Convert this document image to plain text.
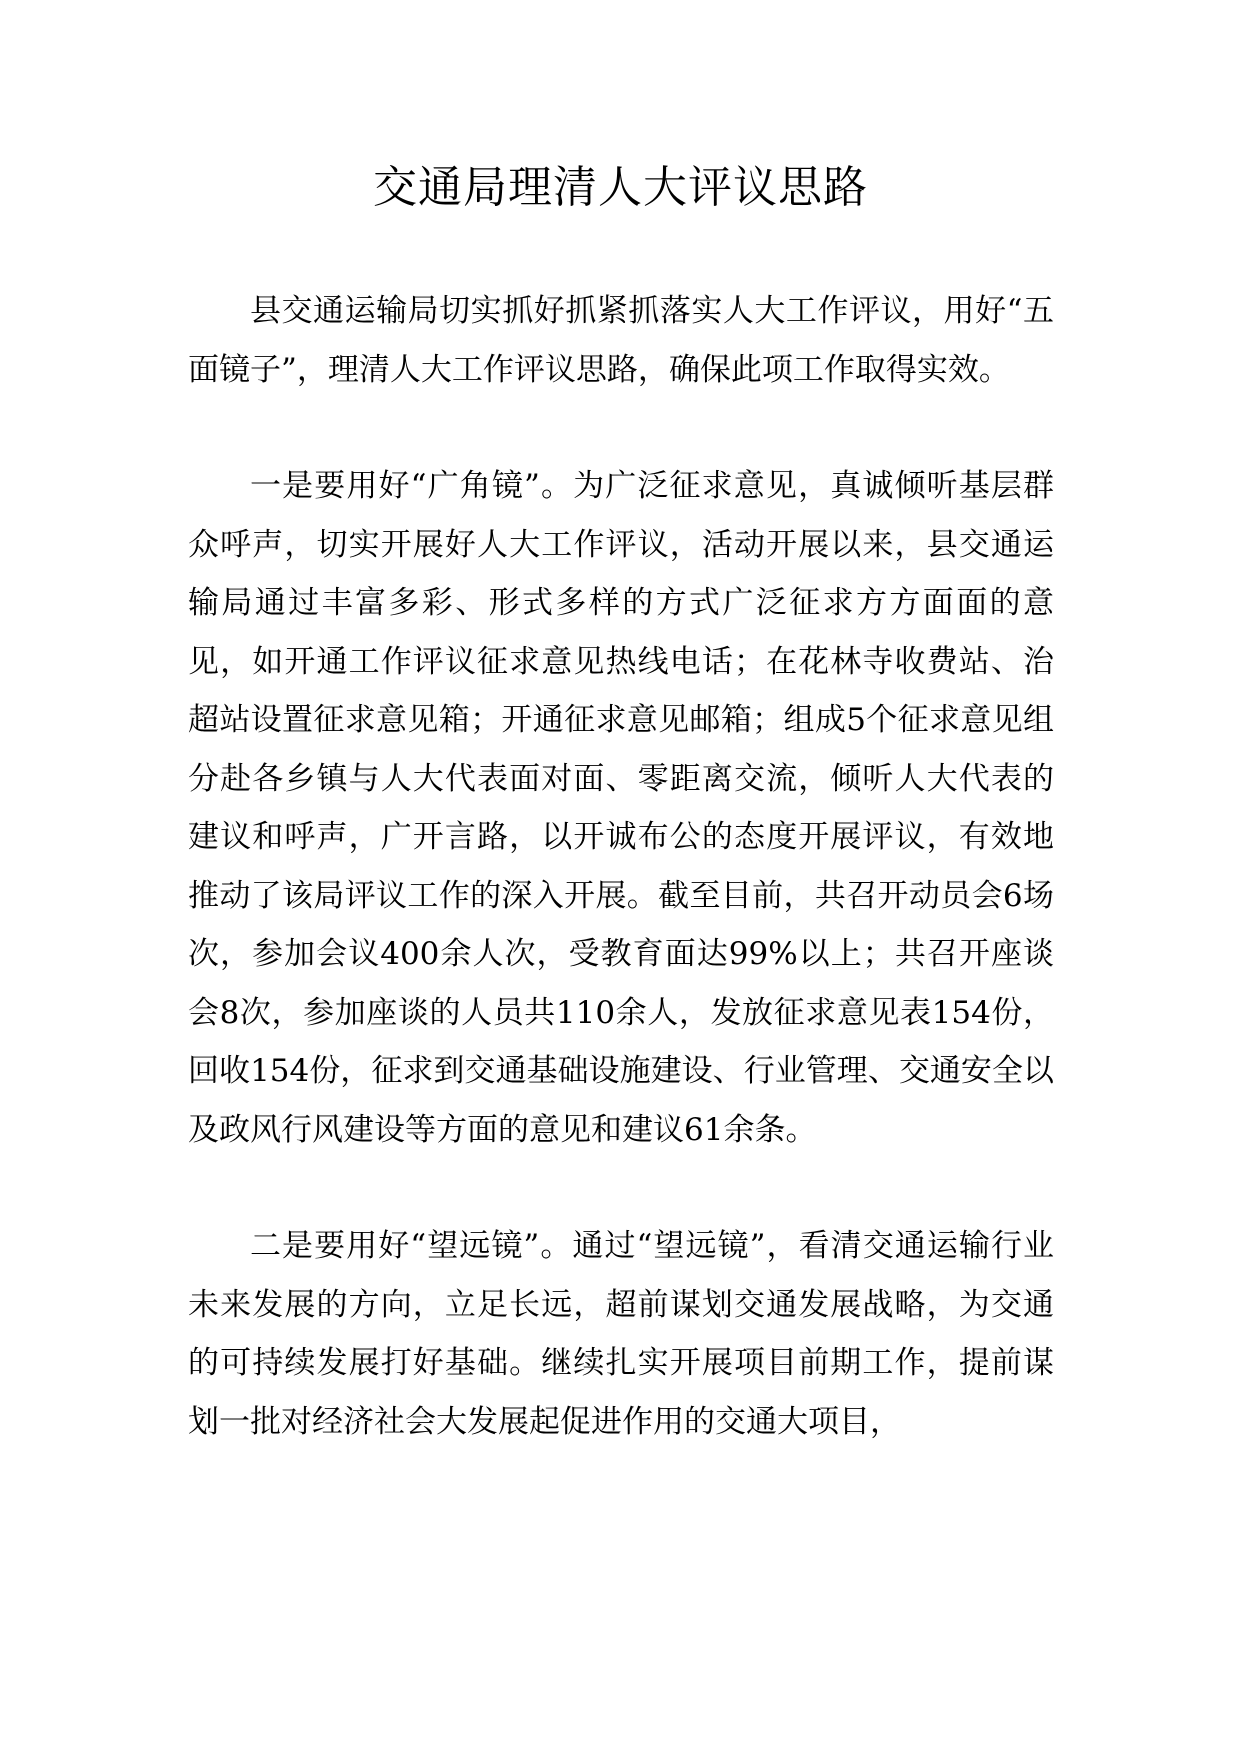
交通局理清人大评议思路

县交通运输局切实抓好抓紧抓落实人大工作评议，用好“五面镜子”，理清人大工作评议思路，确保此项工作取得实效。

一是要用好“广角镜”。为广泛征求意见，真诚倾听基层群众呼声，切实开展好人大工作评议，活动开展以来，县交通运输局通过丰富多彩、形式多样的方式广泛征求方方面面的意见，如开通工作评议征求意见热线电话；在花林寺收费站、治超站设置征求意见箱；开通征求意见邮箱；组成5个征求意见组分赴各乡镇与人大代表面对面、零距离交流，倾听人大代表的建议和呼声，广开言路，以开诚布公的态度开展评议，有效地推动了该局评议工作的深入开展。截至目前，共召开动员会6场次，参加会议400余人次，受教育面达99%以上；共召开座谈会8次，参加座谈的人员共110余人，发放征求意见表154份，回收154份，征求到交通基础设施建设、行业管理、交通安全以及政风行风建设等方面的意见和建议61余条。

二是要用好“望远镜”。通过“望远镜”，看清交通运输行业未来发展的方向，立足长远，超前谋划交通发展战略，为交通的可持续发展打好基础。继续扎实开展项目前期工作，提前谋划一批对经济社会大发展起促进作用的交通大项目，
